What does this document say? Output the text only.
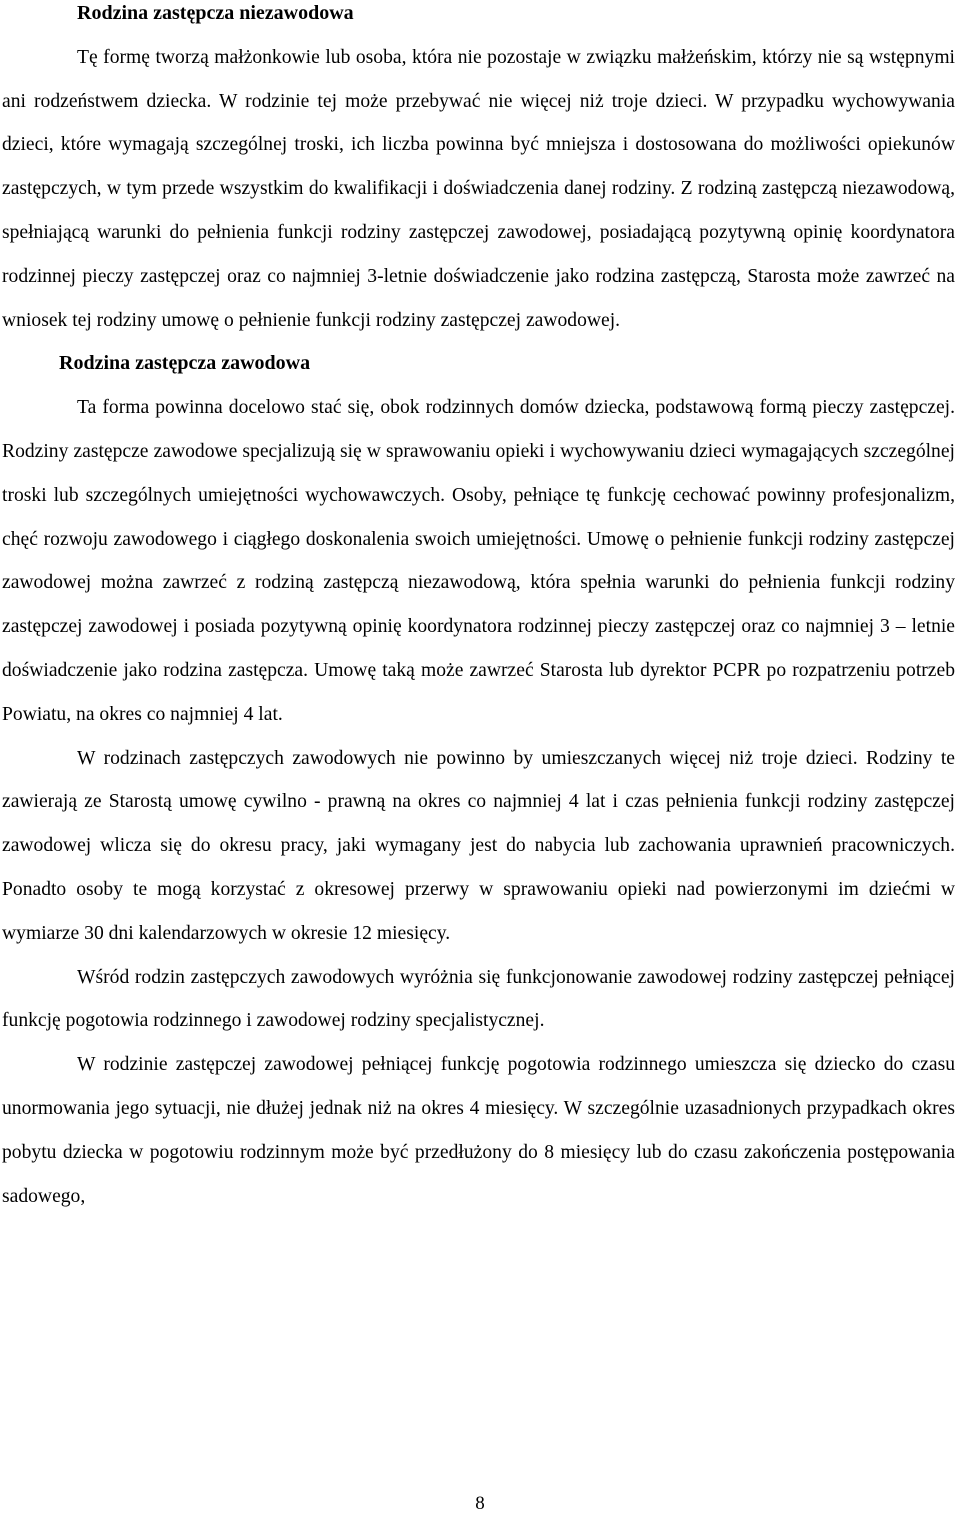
Rodzina zastępcza niezawodowa

Tę formę tworzą małżonkowie lub osoba, która nie pozostaje w związku małżeńskim, którzy nie są wstępnymi ani rodzeństwem dziecka. W rodzinie tej może przebywać nie więcej niż troje dzieci. W przypadku wychowywania dzieci, które wymagają szczególnej troski, ich liczba powinna być mniejsza i dostosowana do możliwości opiekunów zastępczych, w tym przede wszystkim do kwalifikacji i doświadczenia danej rodziny. Z rodziną zastępczą niezawodową, spełniającą warunki do pełnienia funkcji rodziny zastępczej zawodowej, posiadającą pozytywną opinię koordynatora rodzinnej pieczy zastępczej oraz co najmniej 3-letnie doświadczenie jako rodzina zastępczą, Starosta może zawrzeć na wniosek tej rodziny umowę o pełnienie funkcji rodziny zastępczej zawodowej.

Rodzina zastępcza zawodowa

Ta forma powinna docelowo stać się, obok rodzinnych domów dziecka, podstawową formą pieczy zastępczej. Rodziny zastępcze zawodowe specjalizują się w sprawowaniu opieki i wychowywaniu dzieci wymagających szczególnej troski lub szczególnych umiejętności wychowawczych. Osoby, pełniące tę funkcję cechować powinny profesjonalizm, chęć rozwoju zawodowego i ciągłego doskonalenia swoich umiejętności. Umowę o pełnienie funkcji rodziny zastępczej zawodowej można zawrzeć z rodziną zastępczą niezawodową, która spełnia warunki do pełnienia funkcji rodziny zastępczej zawodowej i posiada pozytywną opinię koordynatora rodzinnej pieczy zastępczej oraz co najmniej 3 – letnie doświadczenie jako rodzina zastępcza. Umowę taką może zawrzeć Starosta lub dyrektor PCPR po rozpatrzeniu potrzeb Powiatu, na okres co najmniej 4 lat.

W rodzinach zastępczych zawodowych nie powinno by umieszczanych więcej niż troje dzieci. Rodziny te zawierają ze Starostą umowę cywilno - prawną na okres co najmniej 4 lat i czas pełnienia funkcji rodziny zastępczej zawodowej wlicza się do okresu pracy, jaki wymagany jest do nabycia lub zachowania uprawnień pracowniczych. Ponadto osoby te mogą korzystać z okresowej przerwy w sprawowaniu opieki nad powierzonymi im dziećmi w wymiarze 30 dni kalendarzowych w okresie 12 miesięcy.

Wśród rodzin zastępczych zawodowych wyróżnia się funkcjonowanie zawodowej rodziny zastępczej pełniącej funkcję pogotowia rodzinnego i zawodowej rodziny specjalistycznej.

W rodzinie zastępczej zawodowej pełniącej funkcję pogotowia rodzinnego umieszcza się dziecko do czasu unormowania jego sytuacji, nie dłużej jednak niż na okres 4 miesięcy. W szczególnie uzasadnionych przypadkach okres pobytu dziecka w pogotowiu rodzinnym może być przedłużony do 8 miesięcy lub do czasu zakończenia postępowania sadowego,

8
